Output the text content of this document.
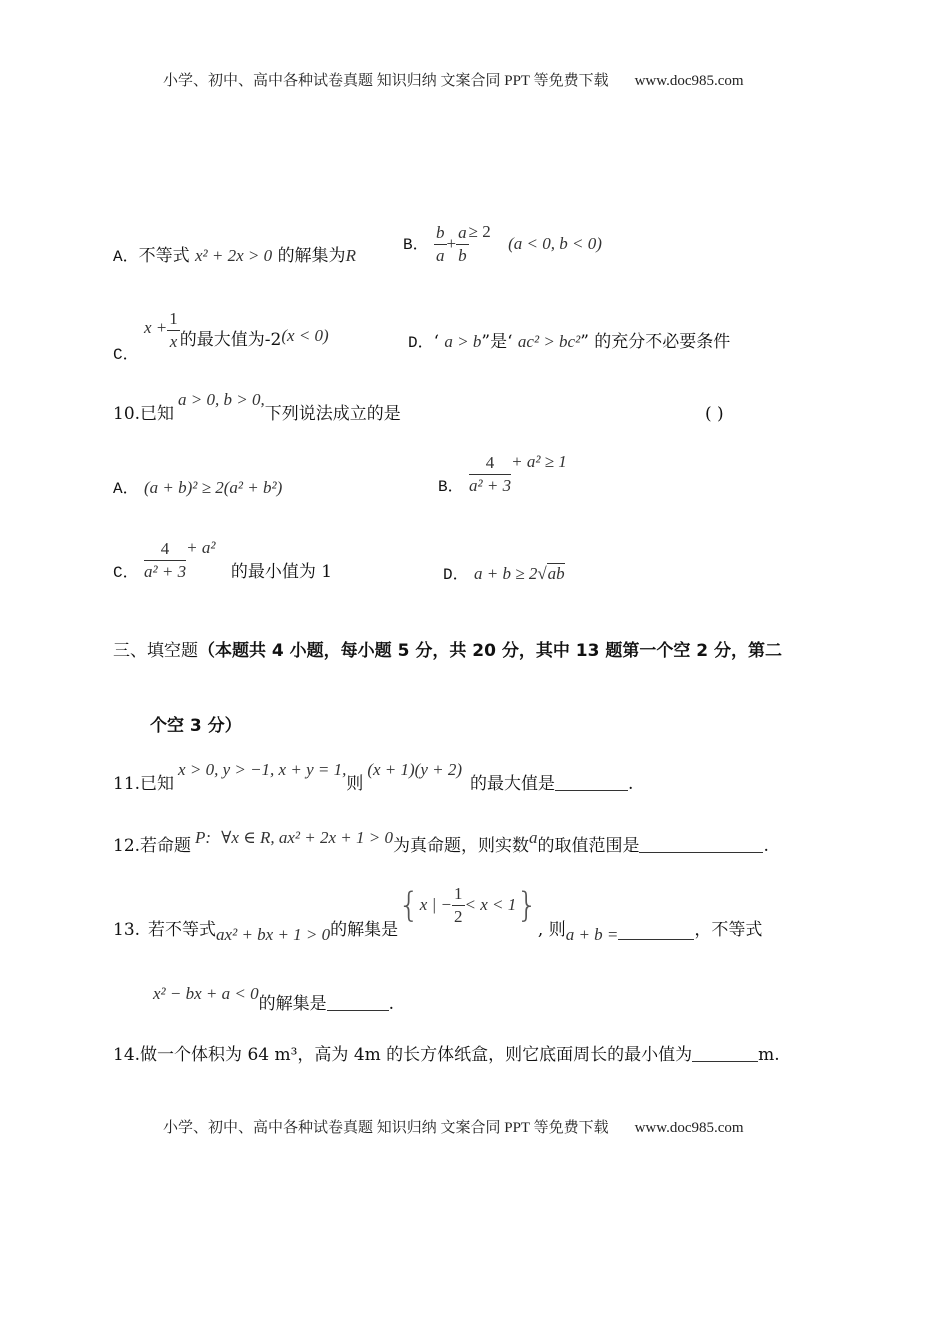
小学、初中、高中各种试卷真题 知识归纳 文案合同 PPT 等免费下载 www.doc985.com
A．不等式 x² + 2x > 0 的解集为R
B． $\frac{b}{a} + \frac{a}{b} \ge 2$ (a < 0, b < 0)
C． $x + \frac{1}{x}$ 的最大值为-2(x < 0)	D．‘ a > b”是‘ ac² > bc²” 的充分不必要条件
10.已知a > 0, b > 0,下列说法成立的是	( )
A． (a + b)² ≥ 2(a² + b²)	B． $\frac{4}{\text{a² + 3}} + a^2 \ge 1$
C． $\frac{4}{\text{a² + 3}} + a^2$ 的最小值为 1	D． a + b ≥ 2√ab
三、填空题（本题共 4 小题，每小题 5 分，共 20 分，其中 13 题第一个空 2 分，第二
个空 3 分）
11.已知x > 0, y > −1, x + y = 1,则(x + 1)(y + 2)的最大值是	.
12.若命题 P: ∀x ∈ R, ax² + 2x + 1 > 0为真命题，则实数a的取值范围是	.
13. 若不等式ax² + bx + 1 > 0的解集是{x | − $\frac{1}{2} < x < 1$}, 则a + b =	，不等式
x² − bx + a < 0的解集是	.
14.做一个体积为 64 m³，高为 4m 的长方体纸盒，则它底面周长的最小值为	m.
小学、初中、高中各种试卷真题 知识归纳 文案合同 PPT 等免费下载 www.doc985.com
